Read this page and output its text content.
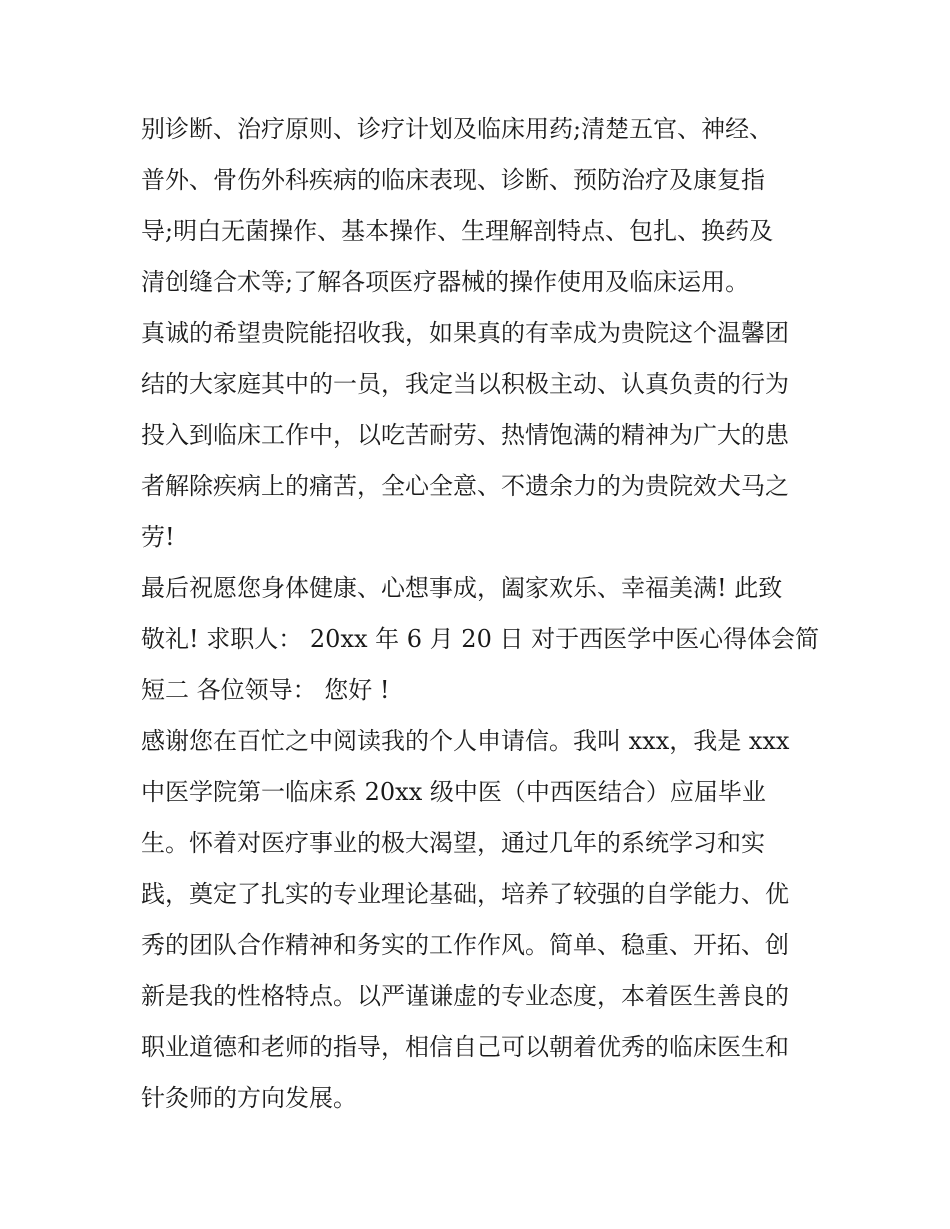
别诊断、治疗原则、诊疗计划及临床用药;清楚五官、神经、
普外、骨伤外科疾病的临床表现、诊断、预防治疗及康复指
导;明白无菌操作、基本操作、生理解剖特点、包扎、换药及
清创缝合术等;了解各项医疗器械的操作使用及临床运用。
真诚的希望贵院能招收我，如果真的有幸成为贵院这个温馨团
结的大家庭其中的一员，我定当以积极主动、认真负责的行为
投入到临床工作中，以吃苦耐劳、热情饱满的精神为广大的患
者解除疾病上的痛苦，全心全意、不遗余力的为贵院效犬马之
劳!
最后祝愿您身体健康、心想事成，阖家欢乐、幸福美满! 此致
敬礼! 求职人： 20xx 年 6 月 20 日 对于西医学中医心得体会简
短二 各位领导： 您好 !
感谢您在百忙之中阅读我的个人申请信。我叫 xxx，我是 xxx
中医学院第一临床系 20xx 级中医（中西医结合）应届毕业
生。怀着对医疗事业的极大渴望，通过几年的系统学习和实
践，奠定了扎实的专业理论基础，培养了较强的自学能力、优
秀的团队合作精神和务实的工作作风。简单、稳重、开拓、创
新是我的性格特点。以严谨谦虚的专业态度，本着医生善良的
职业道德和老师的指导，相信自己可以朝着优秀的临床医生和
针灸师的方向发展。
